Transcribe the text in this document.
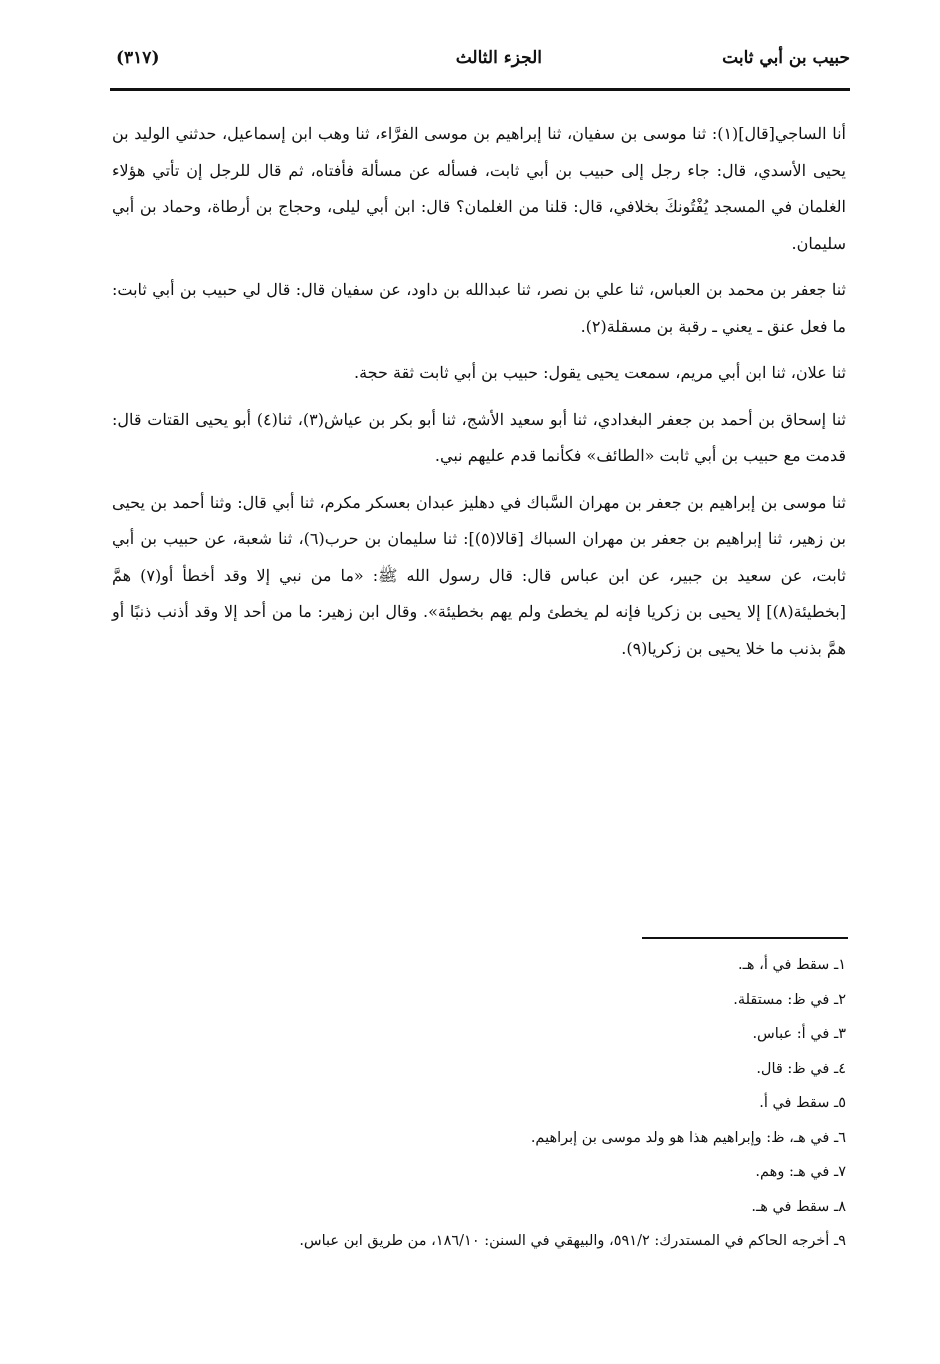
حبيب بن أبي ثابت
الجزء الثالث
(٣١٧)

أنا الساجي[قال](١): ثنا موسى بن سفيان، ثنا إبراهيم بن موسى الفرَّاء، ثنا وهب ابن إسماعيل، حدثني الوليد بن يحيى الأسدي، قال: جاء رجل إلى حبيب بن أبي ثابت، فسأله عن مسألة فأفتاه، ثم قال للرجل إن تأتي هؤلاء الغلمان في المسجد يُفْتُونكَ بخلافي، قال: قلنا من الغلمان؟ قال: ابن أبي ليلى، وحجاج بن أرطاة، وحماد بن أبي سليمان.

ثنا جعفر بن محمد بن العباس، ثنا علي بن نصر، ثنا عبدالله بن داود، عن سفيان قال: قال لي حبيب بن أبي ثابت: ما فعل عنق ـ يعني ـ رقبة بن مسقلة(٢).

ثنا علان، ثنا ابن أبي مريم، سمعت يحيى يقول: حبيب بن أبي ثابت ثقة حجة.

ثنا إسحاق بن أحمد بن جعفر البغدادي، ثنا أبو سعيد الأشج، ثنا أبو بكر بن عياش(٣)، ثنا(٤) أبو يحيى القتات قال: قدمت مع حبيب بن أبي ثابت «الطائف» فكأنما قدم عليهم نبي.

ثنا موسى بن إبراهيم بن جعفر بن مهران السَّباك في دهليز عبدان بعسكر مكرم، ثنا أبي قال: وثنا أحمد بن يحيى بن زهير، ثنا إبراهيم بن جعفر بن مهران السباك [قالا(٥)]: ثنا سليمان بن حرب(٦)، ثنا شعبة، عن حبيب بن أبي ثابت، عن سعيد بن جبير، عن ابن عباس قال: قال رسول الله ﷺ: «ما من نبي إلا وقد أخطأ أو(٧) همَّ [بخطيئة(٨)] إلا يحيى بن زكريا فإنه لم يخطئ ولم يهم بخطيئة». وقال ابن زهير: ما من أحد إلا وقد أذنب ذنبًا أو همَّ بذنب ما خلا يحيى بن زكريا(٩).

١ـ سقط في أ، هـ.
٢ـ في ظ: مستقلة.
٣ـ في أ: عباس.
٤ـ في ظ: قال.
٥ـ سقط في أ.
٦ـ في هـ، ظ: وإبراهيم هذا هو ولد موسى بن إبراهيم.
٧ـ في هـ: وهم.
٨ـ سقط في هـ.
٩ـ أخرجه الحاكم في المستدرك: ٥٩١/٢، والبيهقي في السنن: ١٨٦/١٠، من طريق ابن عباس.
